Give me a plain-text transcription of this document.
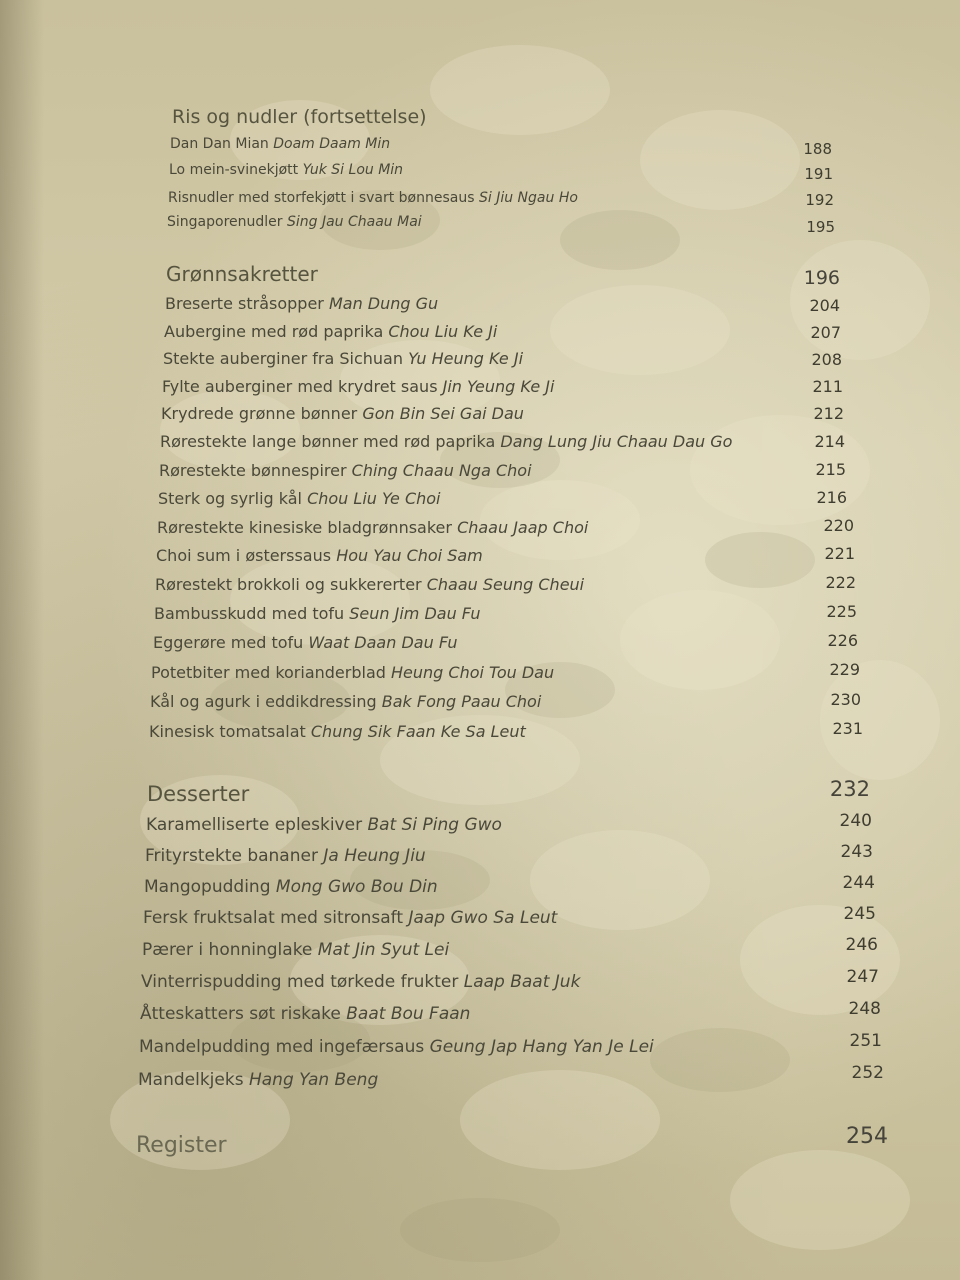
Ris og nudler (fortsettelse)
Dan Dan Mian Doam Daam Min	188
Lo mein-svinekjøtt Yuk Si Lou Min	191
Risnudler med storfekjøtt i svart bønnesaus Si Jiu Ngau Ho	192
Singaporenudler Sing Jau Chaau Mai	195
Grønnsakretter	196
Breserte stråsopper Man Dung Gu	204
Aubergine med rød paprika Chou Liu Ke Ji	207
Stekte auberginer fra Sichuan Yu Heung Ke Ji	208
Fylte auberginer med krydret saus Jin Yeung Ke Ji	211
Krydrede grønne bønner Gon Bin Sei Gai Dau	212
Rørestekte lange bønner med rød paprika Dang Lung Jiu Chaau Dau Go	214
Rørestekte bønnespirer Ching Chaau Nga Choi	215
Sterk og syrlig kål Chou Liu Ye Choi	216
Rørestekte kinesiske bladgrønnsaker Chaau Jaap Choi	220
Choi sum i østerssaus Hou Yau Choi Sam	221
Rørestekt brokkoli og sukkererter Chaau Seung Cheui	222
Bambusskudd med tofu Seun Jim Dau Fu	225
Eggerøre med tofu Waat Daan Dau Fu	226
Potetbiter med korianderblad Heung Choi Tou Dau	229
Kål og agurk i eddikdressing Bak Fong Paau Choi	230
Kinesisk tomatsalat Chung Sik Faan Ke Sa Leut	231
Desserter	232
Karamelliserte epleskiver Bat Si Ping Gwo	240
Frityrstekte bananer Ja Heung Jiu	243
Mangopudding Mong Gwo Bou Din	244
Fersk fruktsalat med sitronsaft Jaap Gwo Sa Leut	245
Pærer i honninglake Mat Jin Syut Lei	246
Vinterrispudding med tørkede frukter Laap Baat Juk	247
Åtteskatters søt riskake Baat Bou Faan	248
Mandelpudding med ingefærsaus Geung Jap Hang Yan Je Lei	251
Mandelkjeks Hang Yan Beng	252
Register	254
